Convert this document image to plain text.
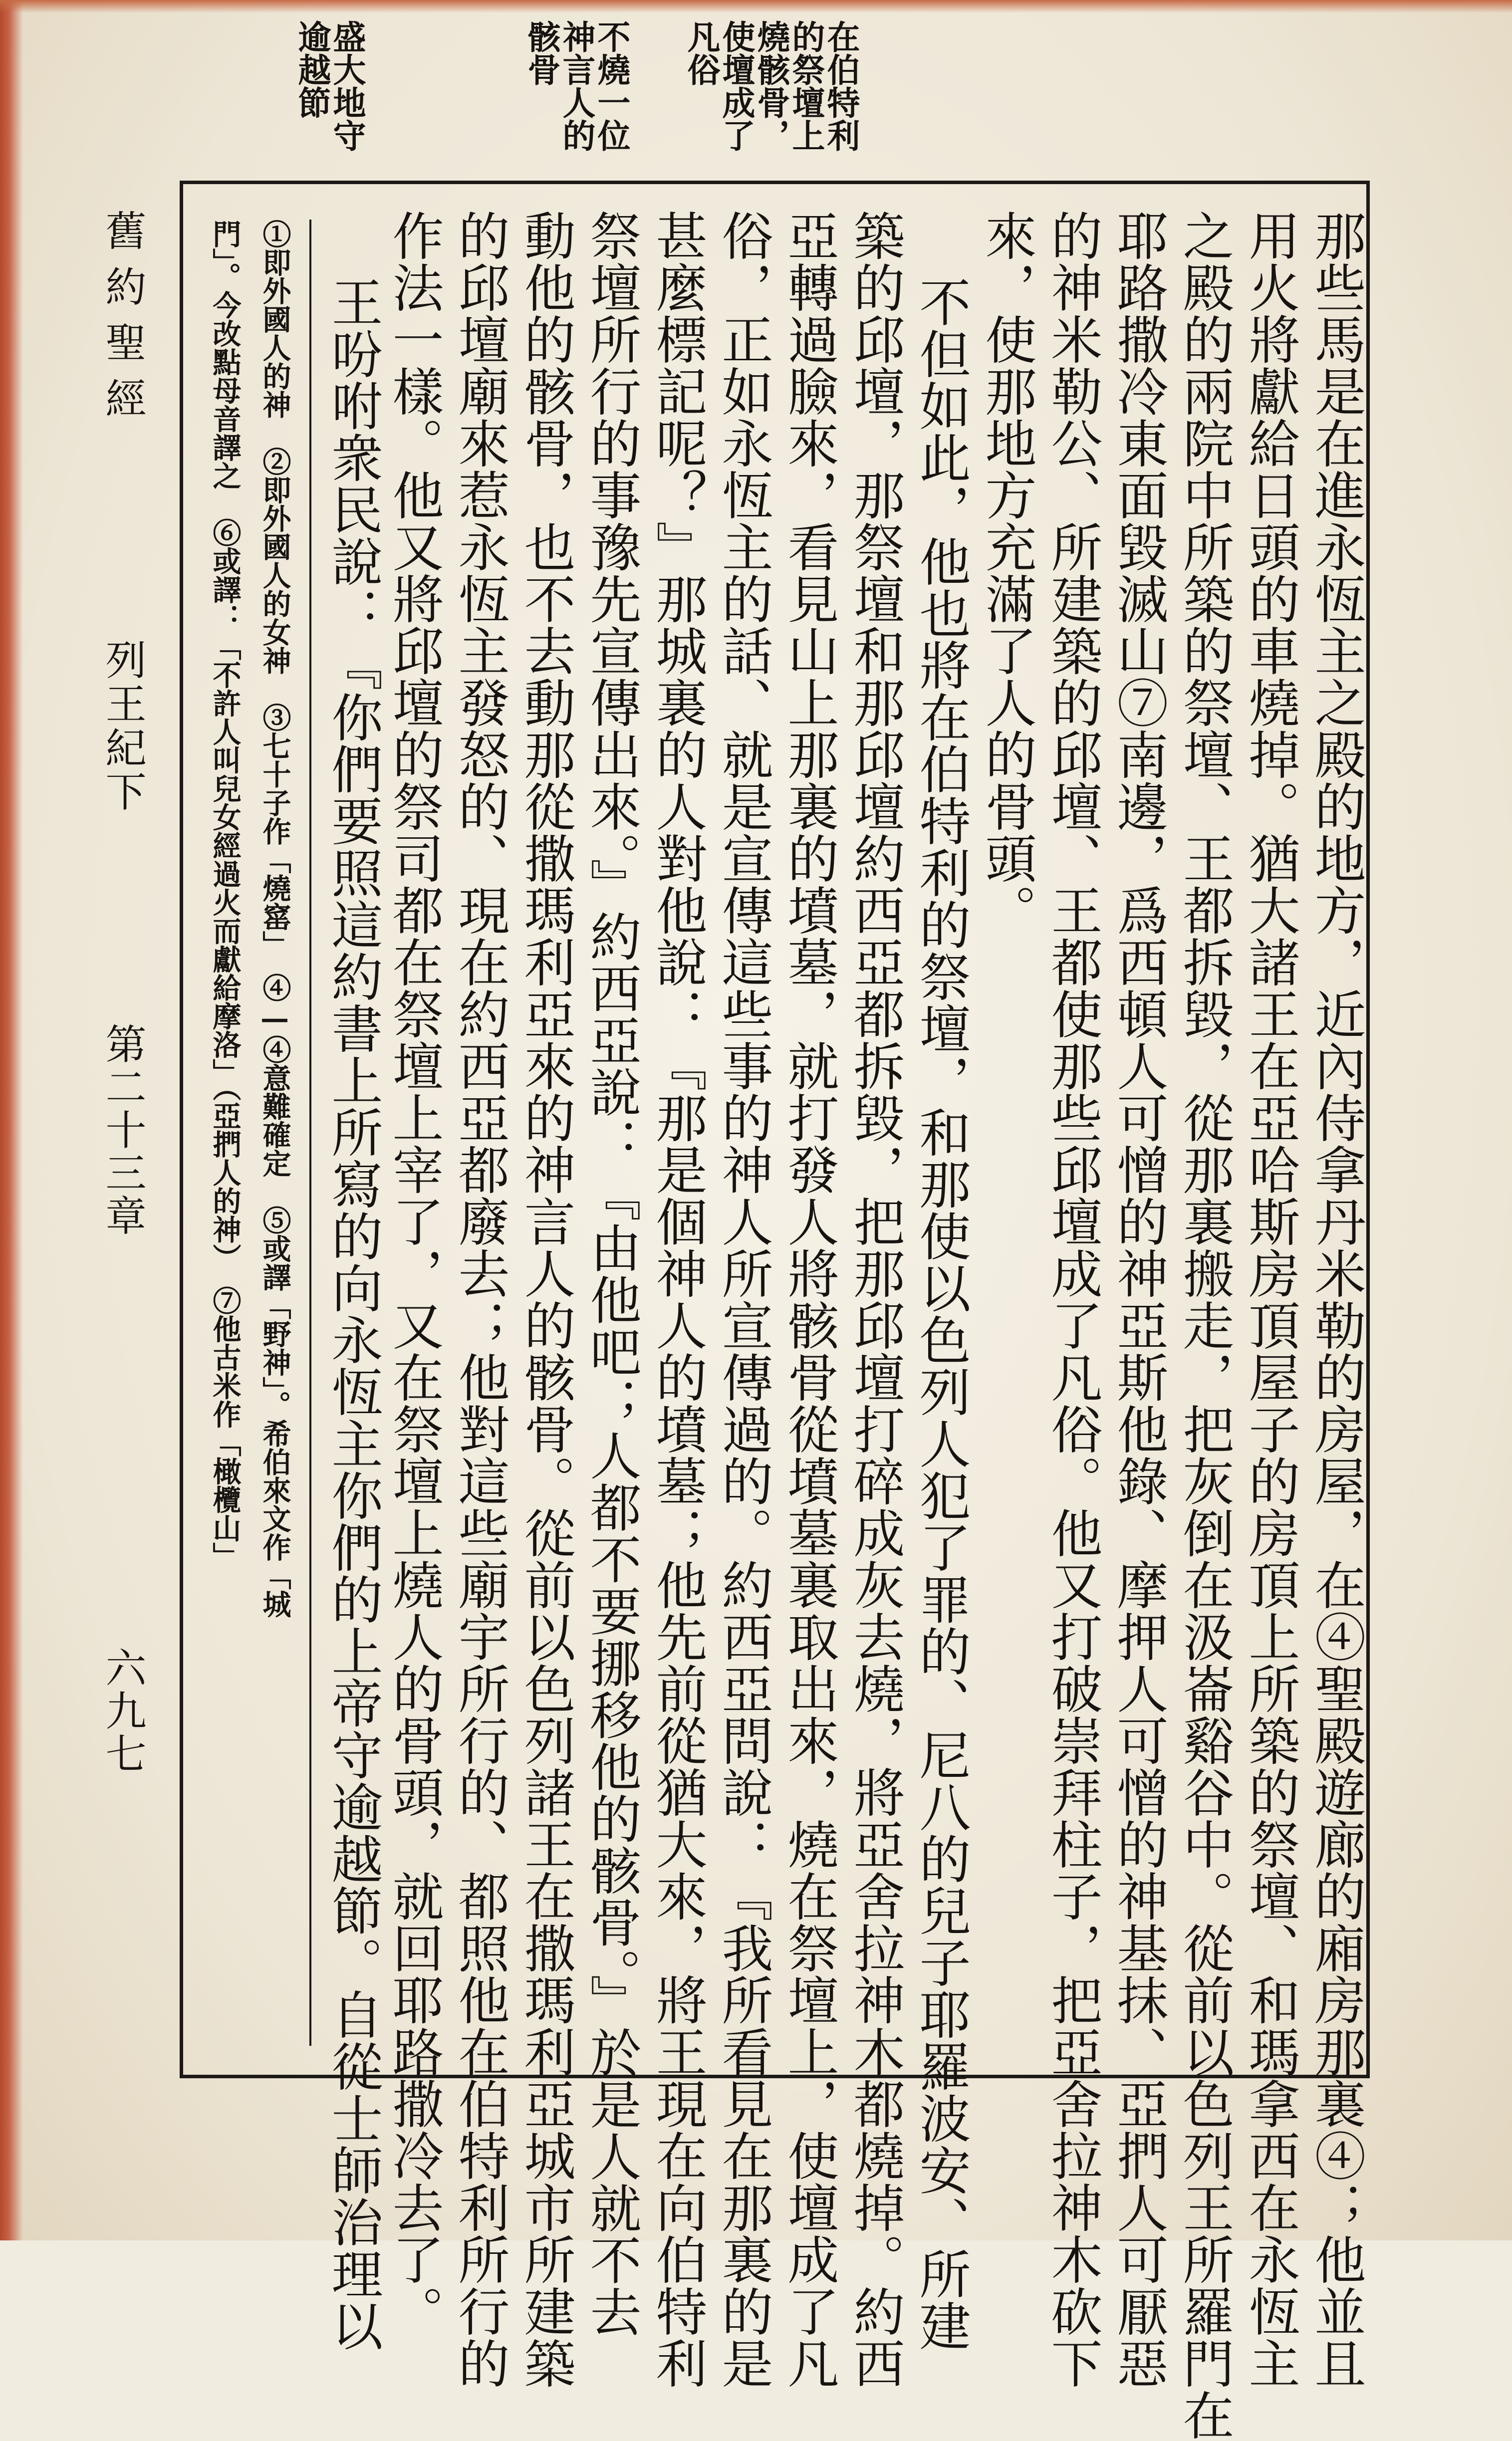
在伯特利
的祭壇上
燒骸骨，
使壇成了
不燒一位
神言人的
骸骨
盛大地守
逾越節	凡俗
舊約聖經
列王紀下
第二十三章
六九七	那些馬是在進永恆主之殿的地方，近內侍拿丹米勒的房屋，在④聖殿遊廊的廂房那裏④；他並且
用火將獻給日頭的車燒掉。猶大諸王在亞哈斯房頂屋子的房頂上所築的祭壇、和瑪拿西在永恆主
之殿的兩院中所築的祭壇、王都拆毀，從那裏搬走，把灰倒在汲崙谿谷中。從前以色列王所羅門在
耶路撒冷東面毀滅山⑦南邊，爲西頓人可憎的神亞斯他錄、摩押人可憎的神基抹、亞捫人可厭惡
的神米勒公、所建築的邱壇、王都使那些邱壇成了凡俗。他又打破崇拜柱子，把亞舍拉神木砍下
來，使那地方充滿了人的骨頭。
不但如此，他也將在伯特利的祭壇，和那使以色列人犯了罪的、尼八的兒子耶羅波安、所建
築的邱壇，那祭壇和那邱壇約西亞都拆毀，把那邱壇打碎成灰去燒，將亞舍拉神木都燒掉。約西
亞轉過臉來，看見山上那裏的墳墓，就打發人將骸骨從墳墓裏取出來，燒在祭壇上，使壇成了凡
俗，正如永恆主的話、就是宣傳這些事的神人所宣傳過的。約西亞問說：『我所看見在那裏的是
甚麼標記呢？』那城裏的人對他說：『那是個神人的墳墓；他先前從猶大來，將王現在向伯特利
祭壇所行的事豫先宣傳出來。』約西亞說：『由他吧；人都不要挪移他的骸骨。』於是人就不去
動他的骸骨，也不去動那從撒瑪利亞來的神言人的骸骨。從前以色列諸王在撒瑪利亞城市所建築
的邱壇廟來惹永恆主發怒的、現在約西亞都廢去；他對這些廟宇所行的、都照他在伯特利所行的
作法一樣。他又將邱壇的祭司都在祭壇上宰了，又在祭壇上燒人的骨頭，就回耶路撒冷去了。
王吩咐衆民說：『你們要照這約書上所寫的向永恆主你們的上帝守逾越節。自從士師治理以
①即外國人的神　②即外國人的女神　③七十子作「燒窰」　④—④意難確定　⑤或譯「野神」。希伯來文作「城
門」。今改點母音譯之　⑥或譯：「不許人叫兒女經過火而獻給摩洛」（亞捫人的神）　⑦他古米作「橄欖山」
